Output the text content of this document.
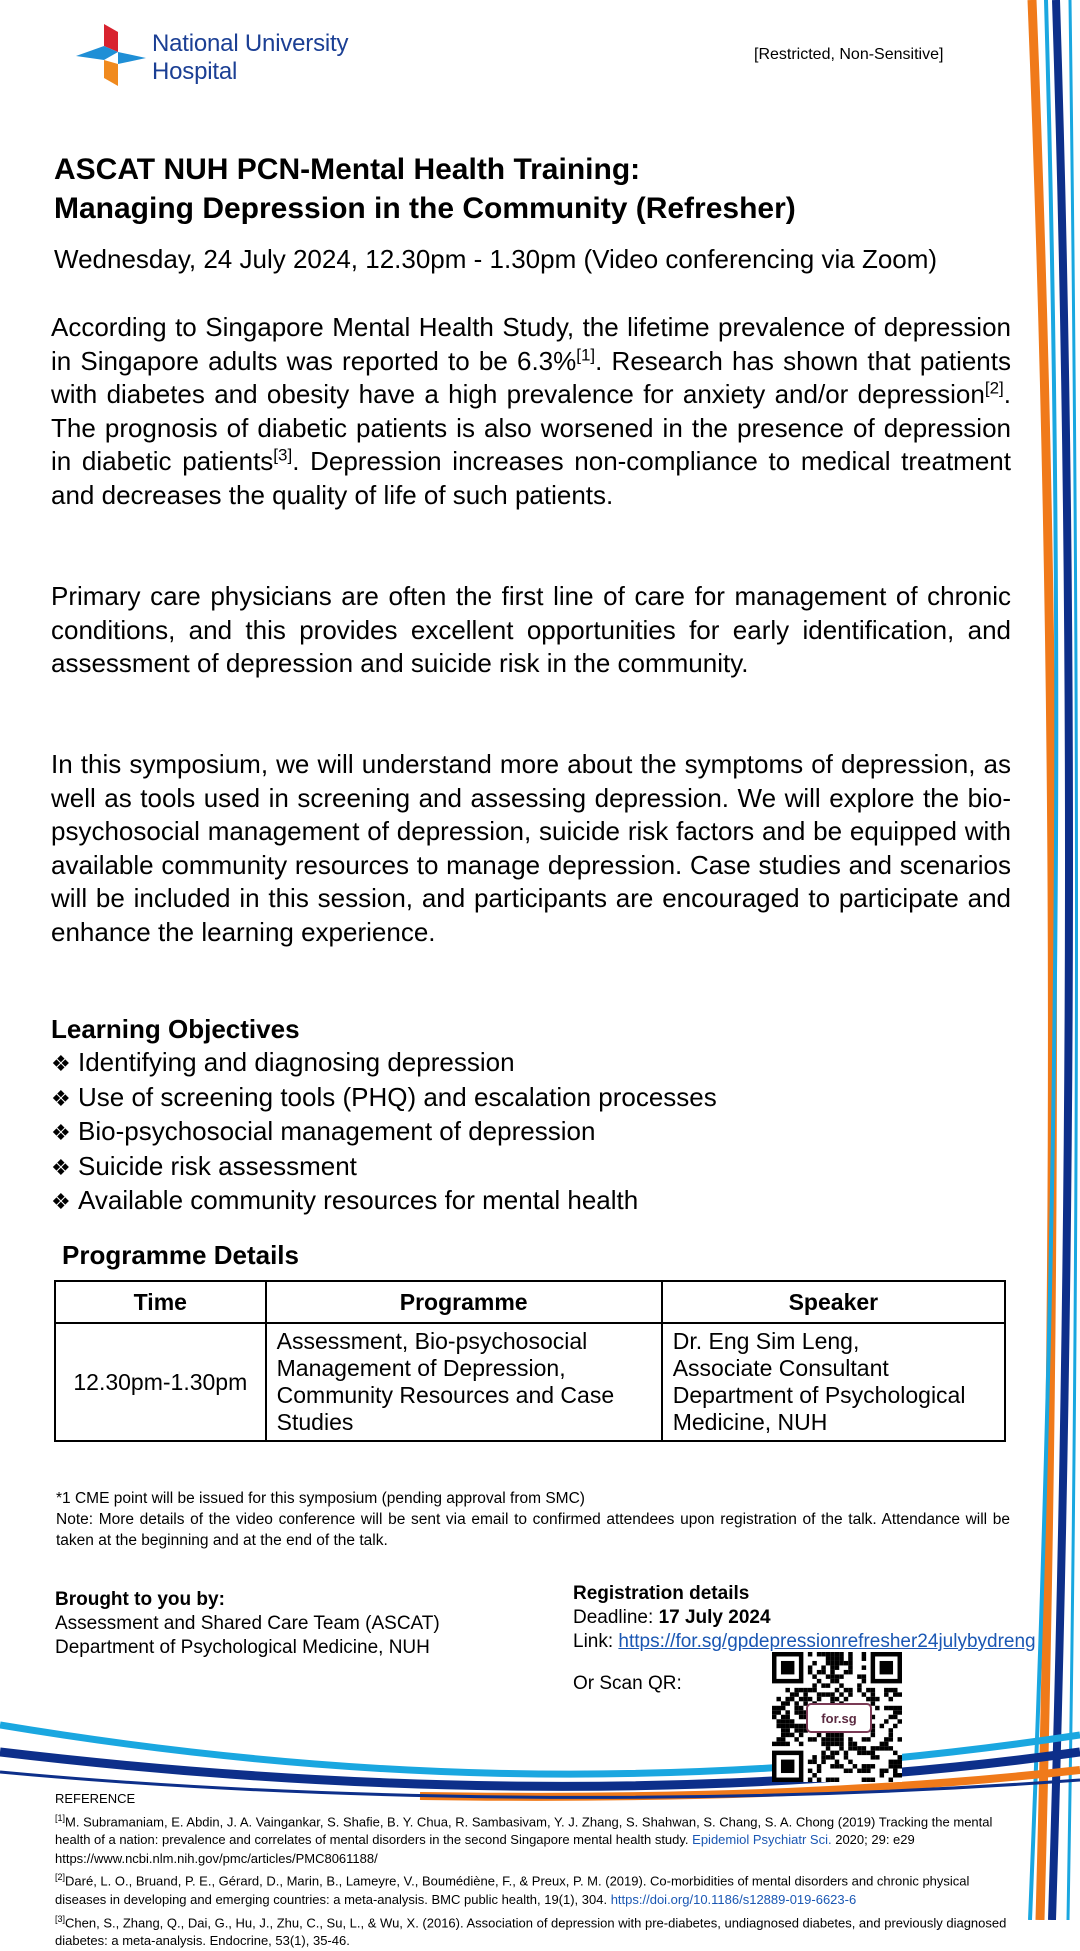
National University
Hospital
[Restricted, Non-Sensitive]
ASCAT NUH PCN-Mental Health Training:
Managing Depression in the Community (Refresher)
Wednesday, 24 July 2024, 12.30pm - 1.30pm (Video conferencing via Zoom)
According to Singapore Mental Health Study, the lifetime prevalence of depression in Singapore adults was reported to be 6.3%[1]. Research has shown that patients with diabetes and obesity have a high prevalence for anxiety and/or depression[2]. The prognosis of diabetic patients is also worsened in the presence of depression in diabetic patients[3]. Depression increases non-compliance to medical treatment and decreases the quality of life of such patients.
Primary care physicians are often the first line of care for management of chronic conditions, and this provides excellent opportunities for early identification, and assessment of depression and suicide risk in the community.
In this symposium, we will understand more about the symptoms of depression, as well as tools used in screening and assessing depression. We will explore the bio-psychosocial management of depression, suicide risk factors and be equipped with available community resources to manage depression. Case studies and scenarios will be included in this session, and participants are encouraged to participate and enhance the learning experience.
Learning Objectives
❖ Identifying and diagnosing depression
❖ Use of screening tools (PHQ) and escalation processes
❖ Bio-psychosocial management of depression
❖ Suicide risk assessment
❖ Available community resources for mental health
Programme Details
Time	Programme	Speaker
12.30pm-1.30pm	Assessment, Bio-psychosocial Management of Depression, Community Resources and Case Studies	Dr. Eng Sim Leng,
Associate Consultant
Department of Psychological Medicine, NUH
*1 CME point will be issued for this symposium (pending approval from SMC)
Note: More details of the video conference will be sent via email to confirmed attendees upon registration of the talk. Attendance will be taken at the beginning and at the end of the talk.
Brought to you by:
Assessment and Shared Care Team (ASCAT)
Department of Psychological Medicine, NUH
Registration details
Deadline: 17 July 2024
Link: https://for.sg/gpdepressionrefresher24julybydreng
Or Scan QR:
for.sg
REFERENCE
[1]M. Subramaniam, E. Abdin, J. A. Vaingankar, S. Shafie, B. Y. Chua, R. Sambasivam, Y. J. Zhang, S. Shahwan, S. Chang, S. A. Chong (2019) Tracking the mental health of a nation: prevalence and correlates of mental disorders in the second Singapore mental health study. Epidemiol Psychiatr Sci. 2020; 29: e29
https://www.ncbi.nlm.nih.gov/pmc/articles/PMC8061188/
[2]Daré, L. O., Bruand, P. E., Gérard, D., Marin, B., Lameyre, V., Boumédiène, F., & Preux, P. M. (2019). Co-morbidities of mental disorders and chronic physical diseases in developing and emerging countries: a meta-analysis. BMC public health, 19(1), 304. https://doi.org/10.1186/s12889-019-6623-6
[3]Chen, S., Zhang, Q., Dai, G., Hu, J., Zhu, C., Su, L., & Wu, X. (2016). Association of depression with pre-diabetes, undiagnosed diabetes, and previously diagnosed diabetes: a meta-analysis. Endocrine, 53(1), 35-46.
